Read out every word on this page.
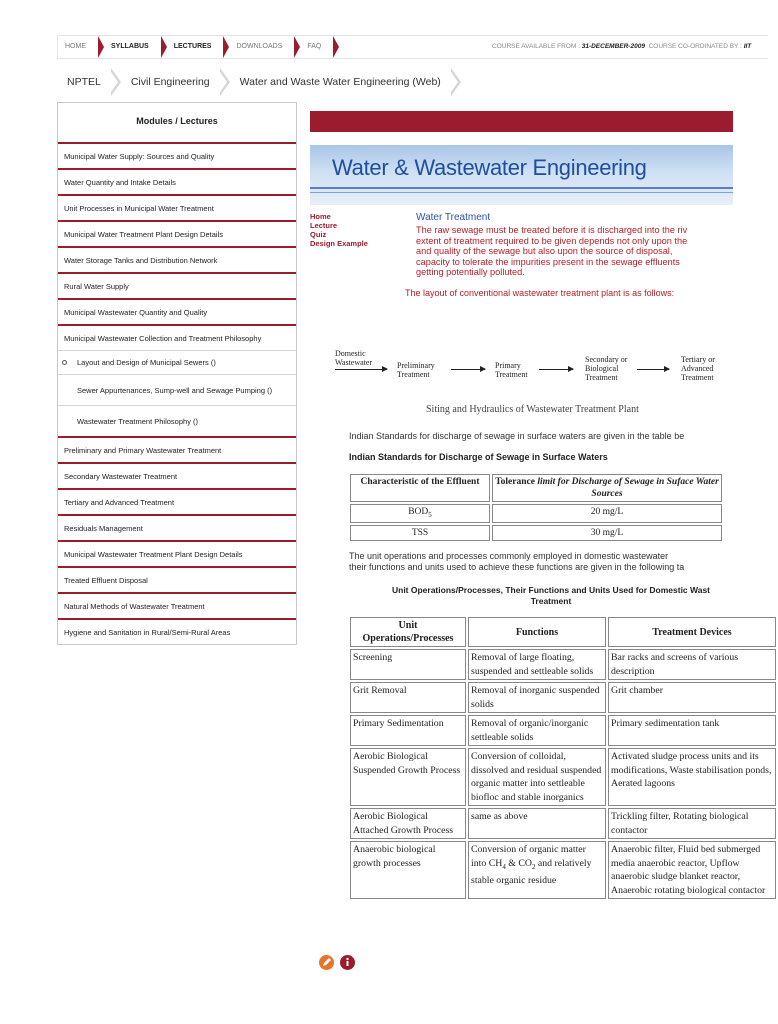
HOME	SYLLABUS	LECTURES	DOWNLOADS	FAQ	COURSE AVAILABLE FROM : 31-DECEMBER-2009 COURSE CO-ORDINATED BY : IIT
NPTEL	Civil Engineering	Water and Waste Water Engineering (Web)
Modules / Lectures
Municipal Water Supply: Sources and Quality
Water Quantity and Intake Details
Unit Processes in Municipal Water Treatment
Municipal Water Treatment Plant Design Details
Water Storage Tanks and Distribution Network
Rural Water Supply
Municipal Wastewater Quantity and Quality
Municipal Wastewater Collection and Treatment Philosophy
Layout and Design of Municipal Sewers ()
Sewer Appurtenances, Sump-well and Sewage Pumping ()
Wastewater Treatment Philosophy ()
Preliminary and Primary Wastewater Treatment
Secondary Wastewater Treatment
Tertiary and Advanced Treatment
Residuals Management
Municipal Wastewater Treatment Plant Design Details
Treated Effluent Disposal
Natural Methods of Wastewater Treatment
Hygiene and Sanitation in Rural/Semi-Rural Areas
Water & Wastewater Engineering
Home
Lecture
Quiz
Design Example
Water Treatment
The raw sewage must be treated before it is discharged into the riv
extent of treatment required to be given depends not only upon the
and quality of the sewage but also upon the source of disposal,
capacity to tolerate the impurities present in the sewage effluents
getting potentially polluted.
The layout of conventional wastewater treatment plant is as follows:
Domestic
Wastewater	Preliminary
Treatment
Primary
Treatment
Secondary or
Biological
Treatment
Tertiary or
Advanced
Treatment
Siting and Hydraulics of Wastewater Treatment Plant
Indian Standards for discharge of sewage in surface waters are given in the table be
Indian Standards for Discharge of Sewage in Surface Waters
Characteristic of the Effluent	Tolerance limit for Discharge of Sewage in Suface Water Sources
$BOD_5$	20 mg/L
TSS	30 mg/L
The unit operations and processes commonly employed in domestic wastewater
their functions and units used to achieve these functions are given in the following ta
Unit Operations/Processes, Their Functions and Units Used for Domestic Wast
Treatment
Unit Operations/Processes	Functions	Treatment Devices
Screening	Removal of large floating, suspended and settleable solids	Bar racks and screens of various description
Grit Removal	Removal of inorganic suspended solids	Grit chamber
Primary Sedimentation	Removal of organic/inorganic settleable solids	Primary sedimentation tank
Aerobic Biological Suspended Growth Process	Conversion of colloidal, dissolved and residual suspended organic matter into settleable biofloc and stable inorganics	Activated sludge process units and its modifications, Waste stabilisation ponds, Aerated lagoons
Aerobic Biological Attached Growth Process	same as above	Trickling filter, Rotating biological contactor
Anaerobic biological growth processes	Conversion of organic matter into $CH_4$ & $CO_2$ and relatively stable organic residue	Anaerobic filter, Fluid bed submerged media anaerobic reactor, Upflow anaerobic sludge blanket reactor, Anaerobic rotating biological contactor
